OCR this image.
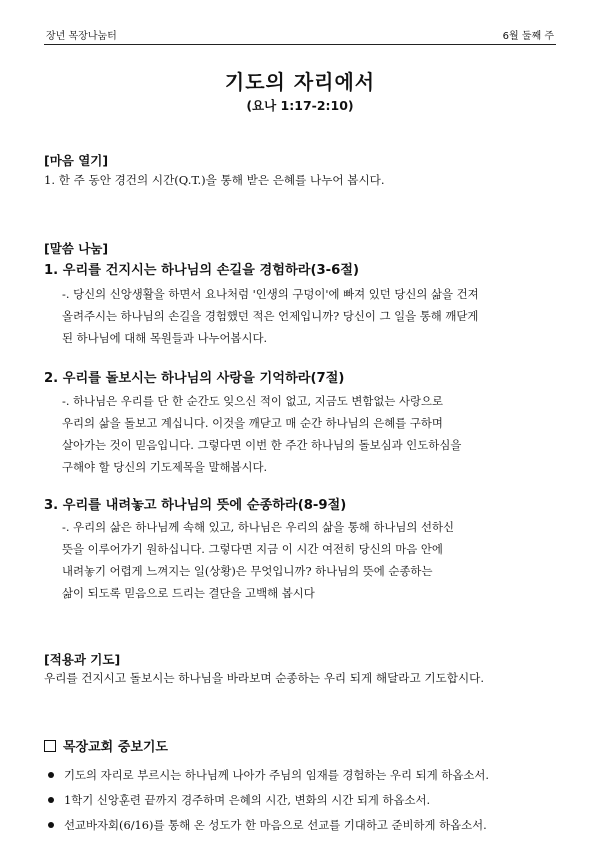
장년 목장나눔터	6월 둘째 주
기도의 자리에서
(요나 1:17-2:10)
[마음 열기]
1. 한 주 동안 경건의 시간(Q.T.)을 통해 받은 은혜를 나누어 봅시다.
[말씀 나눔]
1. 우리를 건지시는 하나님의 손길을 경험하라(3-6절)
-. 당신의 신앙생활을 하면서 요나처럼 '인생의 구덩이'에 빠져 있던 당신의 삶을 건져
올려주시는 하나님의 손길을 경험했던 적은 언제입니까? 당신이 그 일을 통해 깨닫게
된 하나님에 대해 목원들과 나누어봅시다.
2. 우리를 돌보시는 하나님의 사랑을 기억하라(7절)
-. 하나님은 우리를 단 한 순간도 잊으신 적이 없고, 지금도 변함없는 사랑으로
우리의 삶을 돌보고 계십니다. 이것을 깨닫고 매 순간 하나님의 은혜를 구하며
살아가는 것이 믿음입니다. 그렇다면 이번 한 주간 하나님의 돌보심과 인도하심을
구해야 할 당신의 기도제목을 말해봅시다.
3. 우리를 내려놓고 하나님의 뜻에 순종하라(8-9절)
-. 우리의 삶은 하나님께 속해 있고, 하나님은 우리의 삶을 통해 하나님의 선하신
뜻을 이루어가기 원하십니다. 그렇다면 지금 이 시간 여전히 당신의 마음 안에
내려놓기 어렵게 느껴지는 일(상황)은 무엇입니까? 하나님의 뜻에 순종하는
삶이 되도록 믿음으로 드리는 결단을 고백해 봅시다
[적용과 기도]
우리를 건지시고 돌보시는 하나님을 바라보며 순종하는 우리 되게 해달라고 기도합시다.
목장교회 중보기도
기도의 자리로 부르시는 하나님께 나아가 주님의 임재를 경험하는 우리 되게 하옵소서.
1학기 신앙훈련 끝까지 경주하며 은혜의 시간, 변화의 시간 되게 하옵소서.
선교바자회(6/16)를 통해 온 성도가 한 마음으로 선교를 기대하고 준비하게 하옵소서.
